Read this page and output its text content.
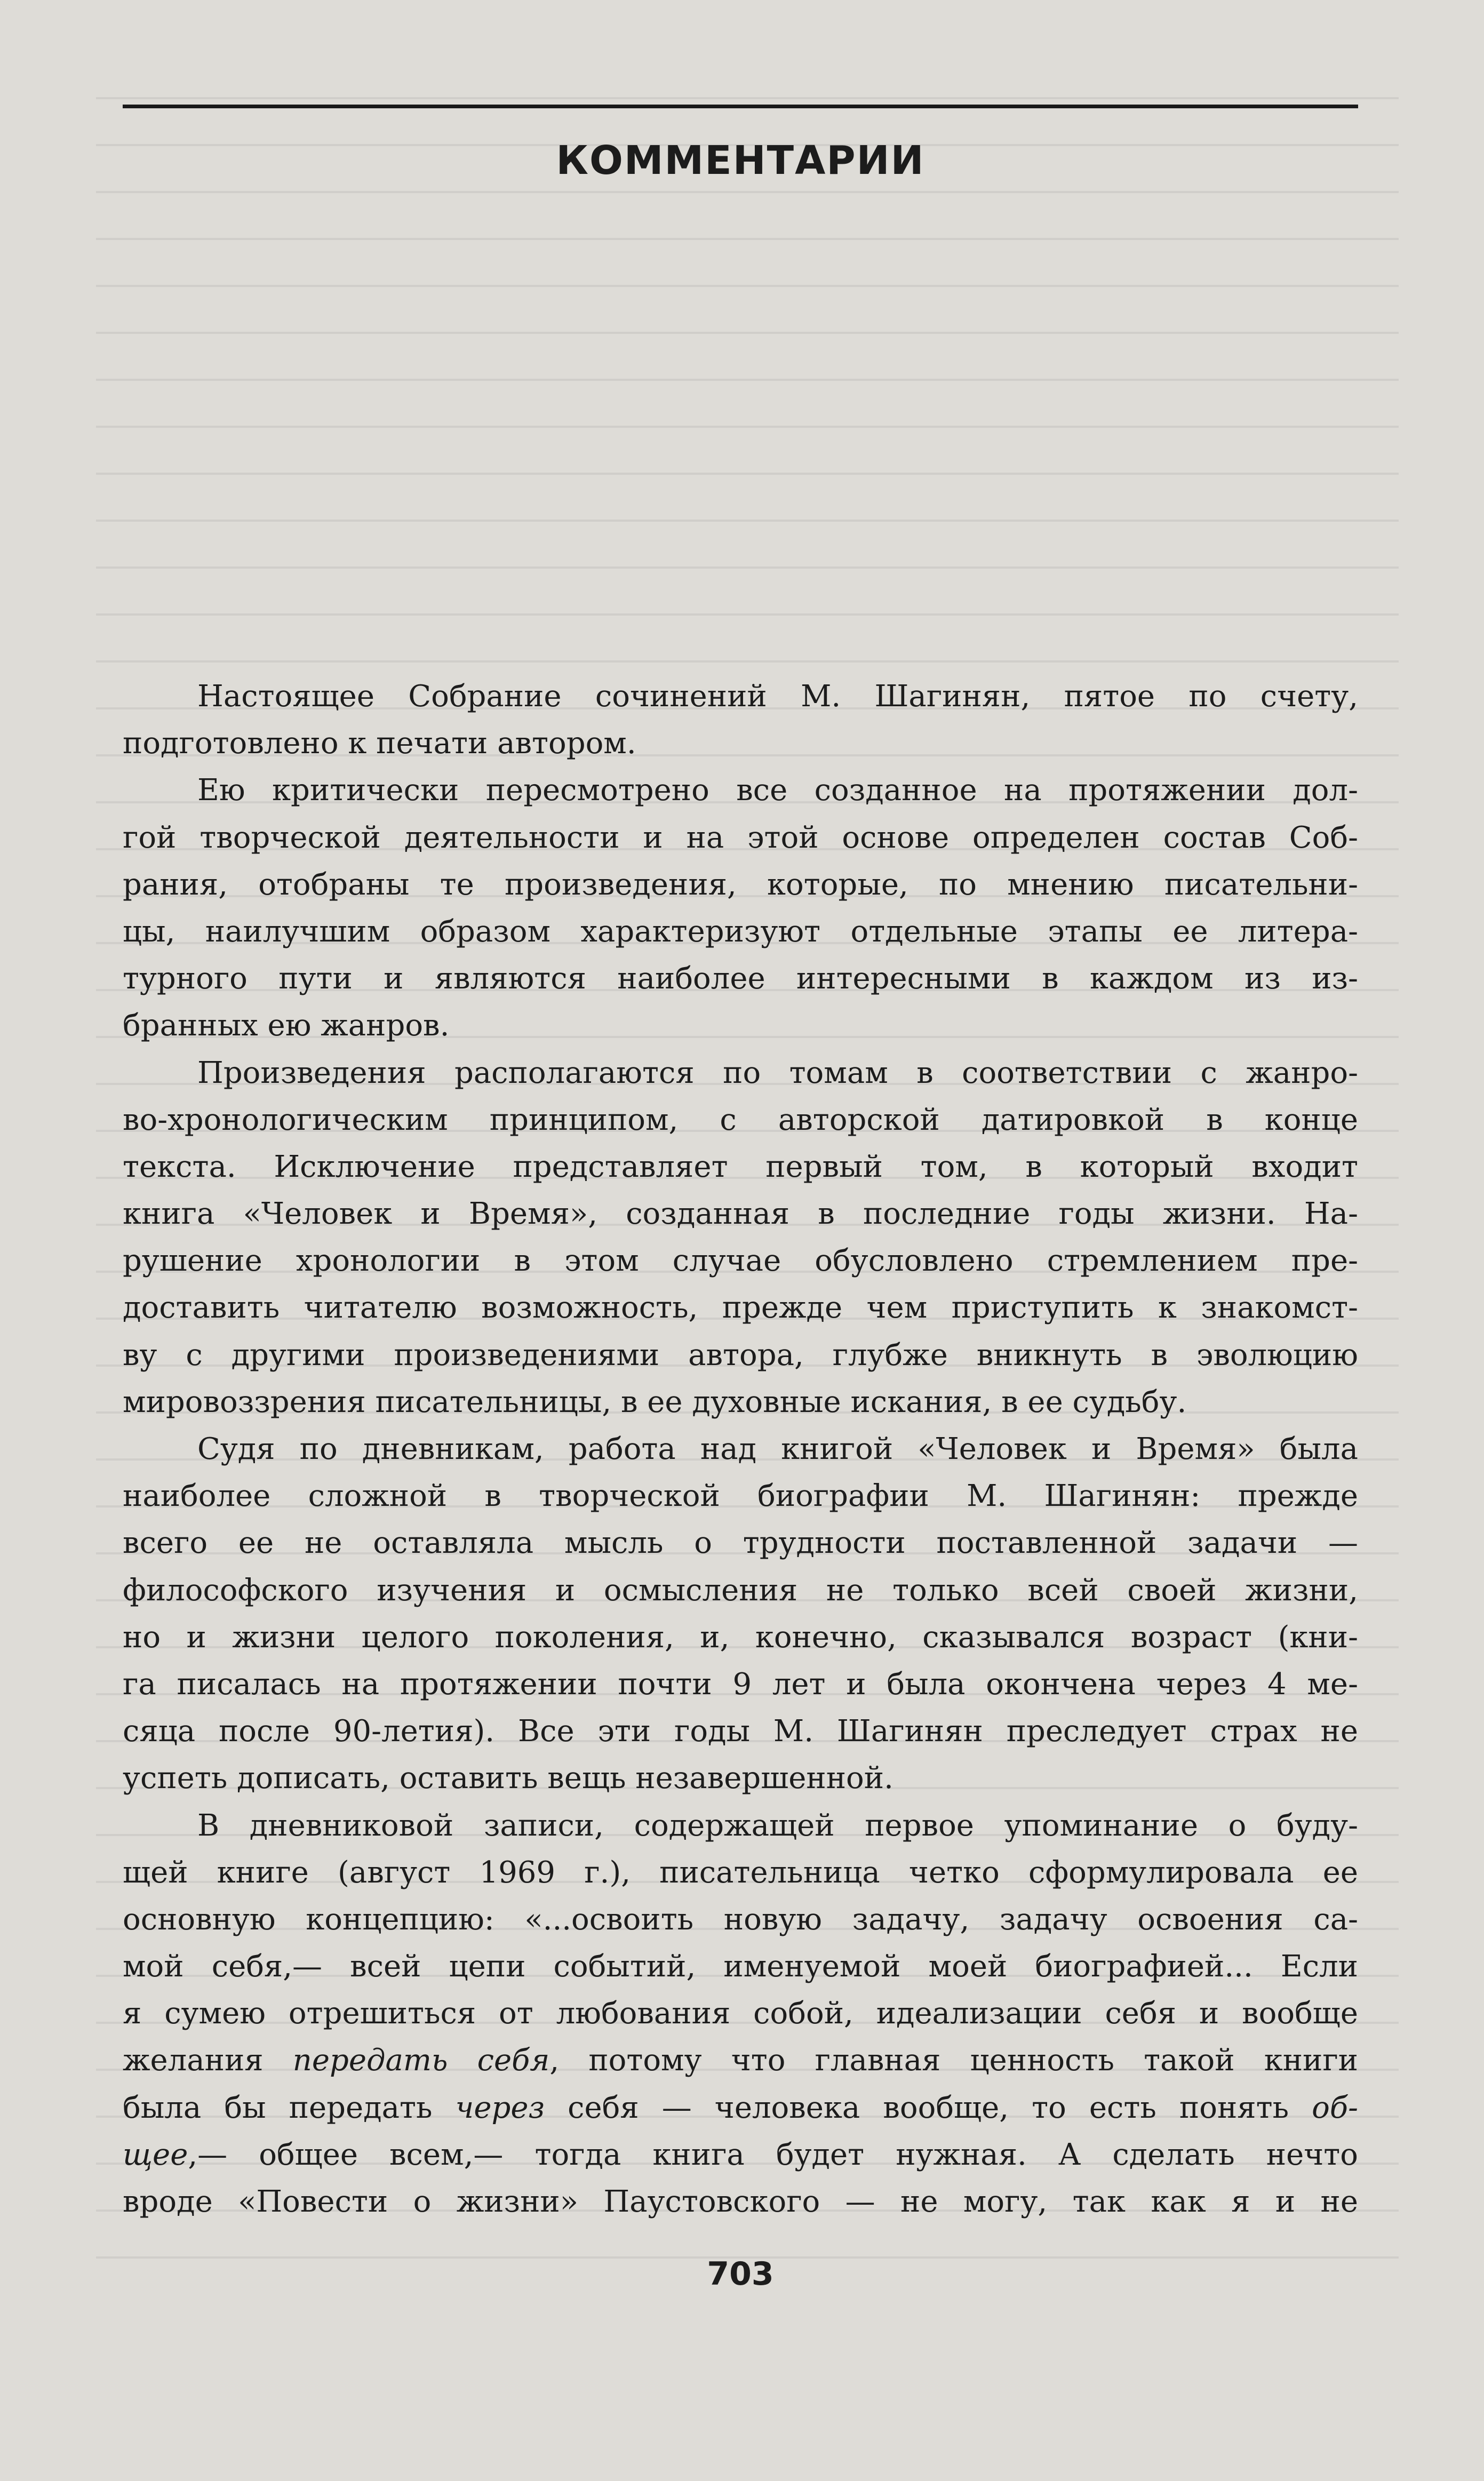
КОММЕНТАРИИ
Настоящее Собрание сочинений М. Шагинян, пятое по счету,
подготовлено к печати автором.
Ею критически пересмотрено все созданное на протяжении дол-
гой творческой деятельности и на этой основе определен состав Соб-
рания, отобраны те произведения, которые, по мнению писательни-
цы, наилучшим образом характеризуют отдельные этапы ее литера-
турного пути и являются наиболее интересными в каждом из из-
бранных ею жанров.
Произведения располагаются по томам в соответствии с жанро-
во-хронологическим принципом, с авторской датировкой в конце
текста. Исключение представляет первый том, в который входит
книга «Человек и Время», созданная в последние годы жизни. На-
рушение хронологии в этом случае обусловлено стремлением пре-
доставить читателю возможность, прежде чем приступить к знакомст-
ву с другими произведениями автора, глубже вникнуть в эволюцию
мировоззрения писательницы, в ее духовные искания, в ее судьбу.
Судя по дневникам, работа над книгой «Человек и Время» была
наиболее сложной в творческой биографии М. Шагинян: прежде
всего ее не оставляла мысль о трудности поставленной задачи —
философского изучения и осмысления не только всей своей жизни,
но и жизни целого поколения, и, конечно, сказывался возраст (кни-
га писалась на протяжении почти 9 лет и была окончена через 4 ме-
сяца после 90-летия). Все эти годы М. Шагинян преследует страх не
успеть дописать, оставить вещь незавершенной.
В дневниковой записи, содержащей первое упоминание о буду-
щей книге (август 1969 г.), писательница четко сформулировала ее
основную концепцию: «...освоить новую задачу, задачу освоения са-
мой себя,— всей цепи событий, именуемой моей биографией... Если
я сумею отрешиться от любования собой, идеализации себя и вообще
желания передать себя, потому что главная ценность такой книги
была бы передать через себя — человека вообще, то есть понять об-
щее,— общее всем,— тогда книга будет нужная. А сделать нечто
вроде «Повести о жизни» Паустовского — не могу, так как я и не
703
